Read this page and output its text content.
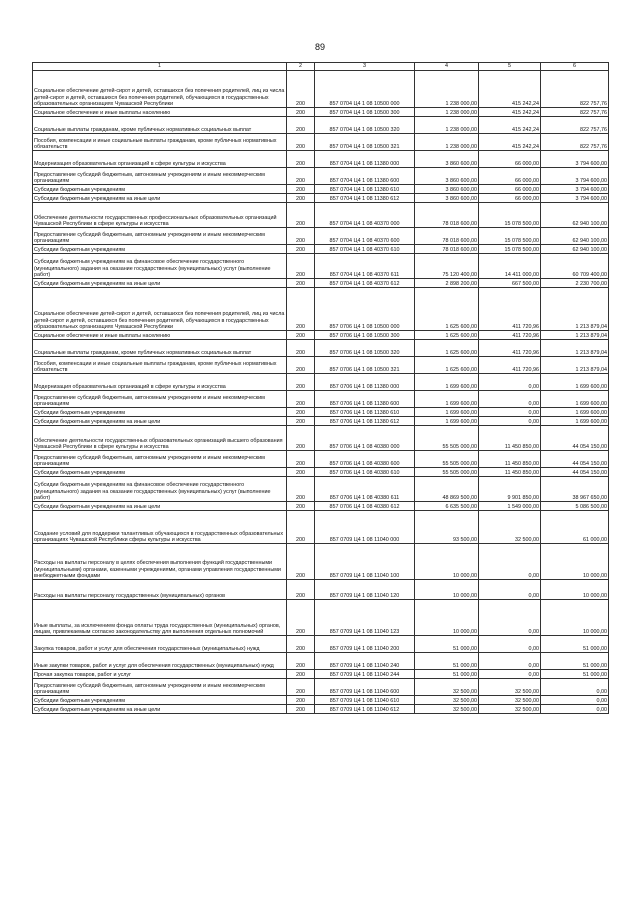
89
1	2	3	4	5	6
Социальное обеспечение детей-сирот и детей, оставшихся без попечения родителей, лиц из числа детей-сирот и детей, оставшихся без попечения родителей, обучающихся в государственных образовательных организациях Чувашской Республики	200	857 0704 Ц4 1 08 10500 000	1 238 000,00	415 242,24	822 757,76
Социальное обеспечение и иные выплаты населению	200	857 0704 Ц4 1 08 10500 300	1 238 000,00	415 242,24	822 757,76
Социальные выплаты гражданам, кроме публичных нормативных социальных выплат	200	857 0704 Ц4 1 08 10500 320	1 238 000,00	415 242,24	822 757,76
Пособия, компенсации и иные социальные выплаты гражданам, кроме публичных нормативных обязательств	200	857 0704 Ц4 1 08 10500 321	1 238 000,00	415 242,24	822 757,76
Модернизация образовательных организаций в сфере культуры и искусства	200	857 0704 Ц4 1 08 11380 000	3 860 600,00	66 000,00	3 794 600,00
Предоставление субсидий бюджетным, автономным учреждениям и иным некоммерческим организациям	200	857 0704 Ц4 1 08 11380 600	3 860 600,00	66 000,00	3 794 600,00
Субсидии бюджетным учреждениям	200	857 0704 Ц4 1 08 11380 610	3 860 600,00	66 000,00	3 794 600,00
Субсидии бюджетным учреждениям на иные цели	200	857 0704 Ц4 1 08 11380 612	3 860 600,00	66 000,00	3 794 600,00
Обеспечение деятельности государственных профессиональных образовательных организаций Чувашской Республики в сфере культуры и искусства	200	857 0704 Ц4 1 08 40370 000	78 018 600,00	15 078 500,00	62 940 100,00
Предоставление субсидий бюджетным, автономным учреждениям и иным некоммерческим организациям	200	857 0704 Ц4 1 08 40370 600	78 018 600,00	15 078 500,00	62 940 100,00
Субсидии бюджетным учреждениям	200	857 0704 Ц4 1 08 40370 610	78 018 600,00	15 078 500,00	62 940 100,00
Субсидии бюджетным учреждениям на финансовое обеспечение государственного (муниципального) задания на оказание государственных (муниципальных) услуг (выполнение работ)	200	857 0704 Ц4 1 08 40370 611	75 120 400,00	14 411 000,00	60 709 400,00
Субсидии бюджетным учреждениям на иные цели	200	857 0704 Ц4 1 08 40370 612	2 898 200,00	667 500,00	2 230 700,00
Социальное обеспечение детей-сирот и детей, оставшихся без попечения родителей, лиц из числа детей-сирот и детей, оставшихся без попечения родителей, обучающихся в государственных образовательных организациях Чувашской Республики	200	857 0706 Ц4 1 08 10500 000	1 625 600,00	411 720,96	1 213 879,04
Социальное обеспечение и иные выплаты населению	200	857 0706 Ц4 1 08 10500 300	1 625 600,00	411 720,96	1 213 879,04
Социальные выплаты гражданам, кроме публичных нормативных социальных выплат	200	857 0706 Ц4 1 08 10500 320	1 625 600,00	411 720,96	1 213 879,04
Пособия, компенсации и иные социальные выплаты гражданам, кроме публичных нормативных обязательств	200	857 0706 Ц4 1 08 10500 321	1 625 600,00	411 720,96	1 213 879,04
Модернизация образовательных организаций в сфере культуры и искусства	200	857 0706 Ц4 1 08 11380 000	1 699 600,00	0,00	1 699 600,00
Предоставление субсидий бюджетным, автономным учреждениям и иным некоммерческим организациям	200	857 0706 Ц4 1 08 11380 600	1 699 600,00	0,00	1 699 600,00
Субсидии бюджетным учреждениям	200	857 0706 Ц4 1 08 11380 610	1 699 600,00	0,00	1 699 600,00
Субсидии бюджетным учреждениям на иные цели	200	857 0706 Ц4 1 08 11380 612	1 699 600,00	0,00	1 699 600,00
Обеспечение деятельности государственных образовательных организаций высшего образования Чувашской Республики в сфере культуры и искусства	200	857 0706 Ц4 1 08 40380 000	55 505 000,00	11 450 850,00	44 054 150,00
Предоставление субсидий бюджетным, автономным учреждениям и иным некоммерческим организациям	200	857 0706 Ц4 1 08 40380 600	55 505 000,00	11 450 850,00	44 054 150,00
Субсидии бюджетным учреждениям	200	857 0706 Ц4 1 08 40380 610	55 505 000,00	11 450 850,00	44 054 150,00
Субсидии бюджетным учреждениям на финансовое обеспечение государственного (муниципального) задания на оказание государственных (муниципальных) услуг (выполнение работ)	200	857 0706 Ц4 1 08 40380 611	48 869 500,00	9 901 850,00	38 967 650,00
Субсидии бюджетным учреждениям на иные цели	200	857 0706 Ц4 1 08 40380 612	6 635 500,00	1 549 000,00	5 086 500,00
Создание условий для поддержки талантливых обучающихся в государственных образовательных организациях Чувашской Республики сферы культуры и искусства	200	857 0709 Ц4 1 08 11040 000	93 500,00	32 500,00	61 000,00
Расходы на выплаты персоналу в целях обеспечения выполнения функций государственными (муниципальными) органами, казенными учреждениями, органами управления государственными внебюджетными фондами	200	857 0709 Ц4 1 08 11040 100	10 000,00	0,00	10 000,00
Расходы на выплаты персоналу государственных (муниципальных) органов	200	857 0709 Ц4 1 08 11040 120	10 000,00	0,00	10 000,00
Иные выплаты, за исключением фонда оплаты труда государственных (муниципальных) органов, лицам, привлекаемым согласно законодательству для выполнения отдельных полномочий	200	857 0709 Ц4 1 08 11040 123	10 000,00	0,00	10 000,00
Закупка товаров, работ и услуг для обеспечения государственных (муниципальных) нужд	200	857 0709 Ц4 1 08 11040 200	51 000,00	0,00	51 000,00
Иные закупки товаров, работ и услуг для обеспечения государственных (муниципальных) нужд	200	857 0709 Ц4 1 08 11040 240	51 000,00	0,00	51 000,00
Прочая закупка товаров, работ и услуг	200	857 0709 Ц4 1 08 11040 244	51 000,00	0,00	51 000,00
Предоставление субсидий бюджетным, автономным учреждениям и иным некоммерческим организациям	200	857 0709 Ц4 1 08 11040 600	32 500,00	32 500,00	0,00
Субсидии бюджетным учреждениям	200	857 0709 Ц4 1 08 11040 610	32 500,00	32 500,00	0,00
Субсидии бюджетным учреждениям на иные цели	200	857 0709 Ц4 1 08 11040 612	32 500,00	32 500,00	0,00
